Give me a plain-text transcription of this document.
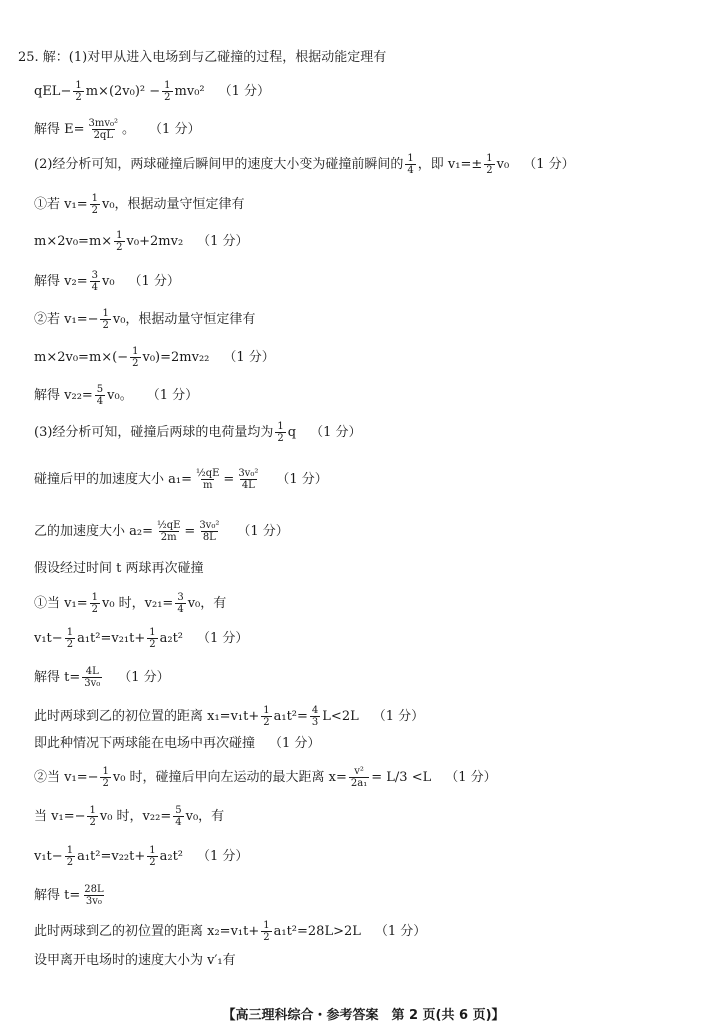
25. 解：(1)对甲从进入电场到与乙碰撞的过程，根据动能定理有
$qEL- \frac{1}{2} m\times(2v_0)^2 - \frac{1}{2} mv_0^2$ （1 分）
解得 $E= \frac{\text{3mv₀²}}{2qL}$ 。 （1 分）
(2)经分析可知，两球碰撞后瞬间甲的速度大小变为碰撞前瞬间的 $\frac{1}{4}$ ，即 $v_1=\pm \frac{1}{2} v_0$ （1 分）
①若 $v_1= \frac{1}{2} v_0$，根据动量守恒定律有
$m\times 2v_0=m\times \frac{1}{2} v_0+2mv_2$ （1 分）
解得 $v_2= \frac{3}{4} v_0$ （1 分）
②若 $v_1=- \frac{1}{2} v_0$，根据动量守恒定律有
$m\times 2v_0=m\times(- \frac{1}{2} v_0)=2mv_{22}$ （1 分）
解得 $v_{22}= \frac{5}{4} v_0$。 （1 分）
(3)经分析可知，碰撞后两球的电荷量均为 $\frac{1}{2}$ q （1 分）
碰撞后甲的加速度大小 $a_1= \frac{\text{½qE}}{m} = \frac{\text{3v₀²}}{4L} (1$ 分）
乙的加速度大小 $a_2= \frac{\text{½qE}}{2m} = \frac{\text{3v₀²}}{8L} (1$ 分）
假设经过时间 t 两球再次碰撞
①当 $v_1= \frac{1}{2} v_0$ 时，$v_{21}= \frac{3}{4} v_0$，有
$v_1t- \frac{1}{2} a_1t^2=v_{21}t+ \frac{1}{2} a_2t^2$ （1 分）
解得 $t= \frac{4L}{\text{3v₀}} (1$ 分）
此时两球到乙的初位置的距离 $x_1=v_1t+ \frac{1}{2} a_1t^2= \frac{4}{3} L<2L$ （1 分）
即此种情况下两球能在电场中再次碰撞 （1 分）
②当 $v_1=- \frac{1}{2} v_0$ 时，碰撞后甲向左运动的最大距离 $x= \frac{\text{v²}}{\text{2a₁}} = L/3 <L$ （1 分）
当 $v_1=- \frac{1}{2} v_0$ 时，$v_{22}= \frac{5}{4} v_0$，有
$v_1t- \frac{1}{2} a_1t^2=v_{22}t+ \frac{1}{2} a_2t^2$ （1 分）
解得 $t= \frac{28L}{\text{3v₀}}$
此时两球到乙的初位置的距离 $x_2=v_1t+ \frac{1}{2} a_1t^2=28L>2L$ （1 分）
设甲离开电场时的速度大小为 v′₁有
【高三理科综合・参考答案　第 2 页(共 6 页)】
